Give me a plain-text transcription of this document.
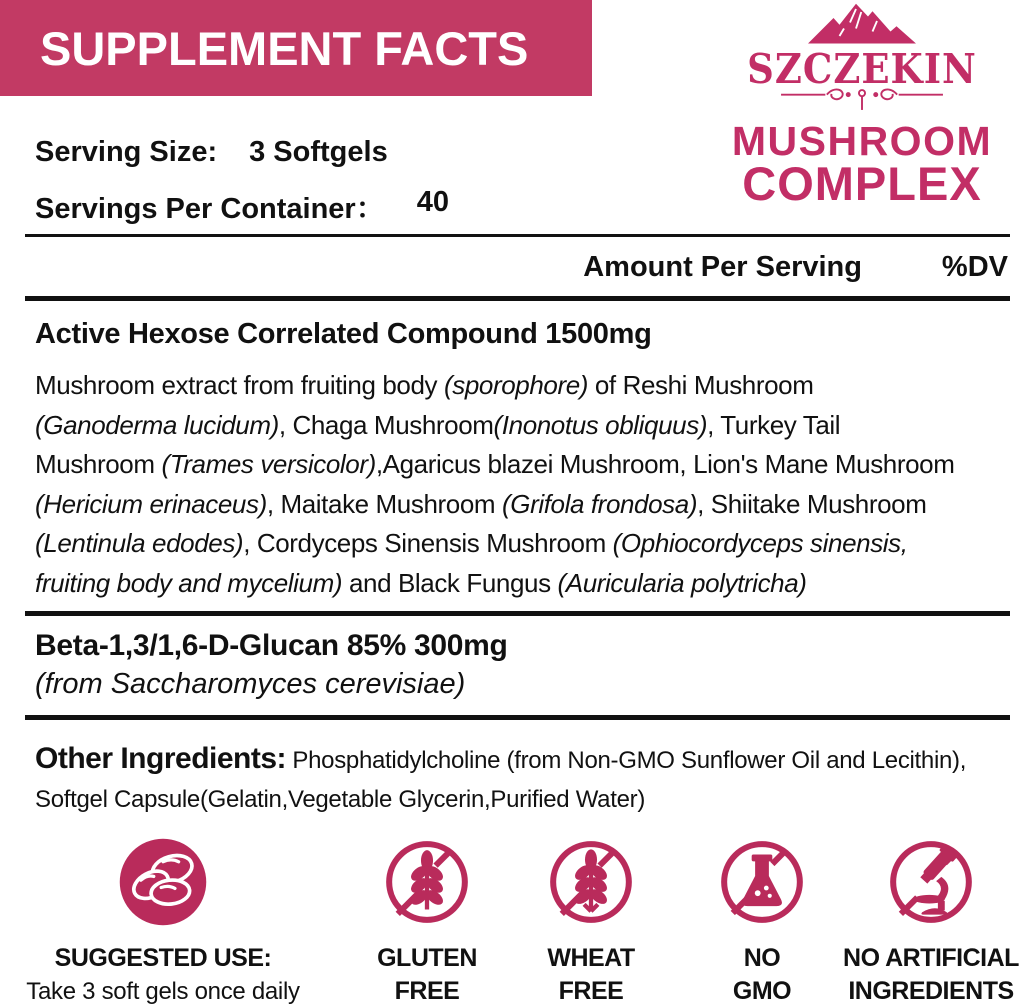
SUPPLEMENT FACTS	SZCZEKIN
MUSHROOM
COMPLEX
Serving Size: 3 Softgels
Servings Per Container： 40
Amount Per Serving	%DV
Active Hexose Correlated Compound 1500mg
Mushroom extract from fruiting body (sporophore) of Reshi Mushroom
(Ganoderma lucidum), Chaga Mushroom(Inonotus obliquus), Turkey Tail
Mushroom (Trames versicolor),Agaricus blazei Mushroom, Lion's Mane Mushroom
(Hericium erinaceus), Maitake Mushroom (Grifola frondosa), Shiitake Mushroom
(Lentinula edodes), Cordyceps Sinensis Mushroom (Ophiocordyceps sinensis,
fruiting body and mycelium) and Black Fungus (Auricularia polytricha)
Beta-1,3/1,6-D-Glucan 85% 300mg
(from Saccharomyces cerevisiae)
Other Ingredients: Phosphatidylcholine (from Non-GMO Sunflower Oil and Lecithin),
Softgel Capsule(Gelatin,Vegetable Glycerin,Purified Water)
SUGGESTED USE:
Take 3 soft gels once daily
GLUTEN
FREE
WHEAT
FREE
NO
GMO
NO ARTIFICIAL
INGREDIENTS
